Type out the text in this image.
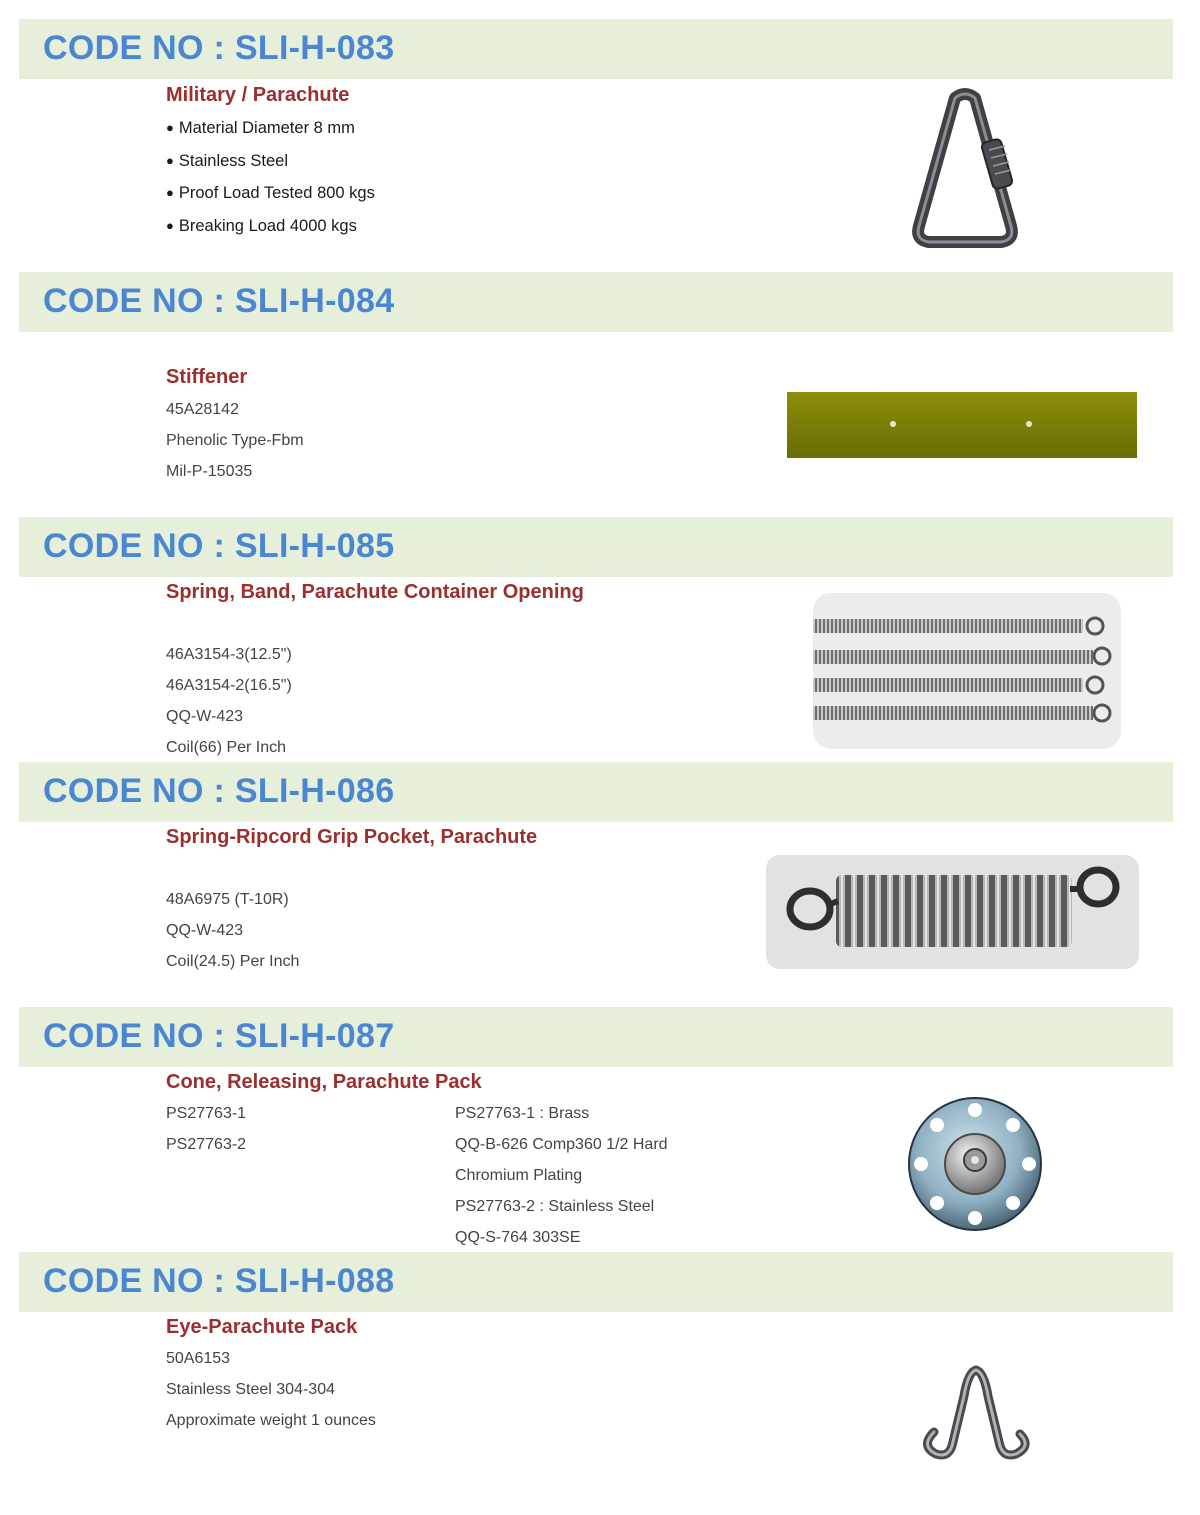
CODE NO : SLI-H-083
Military / Parachute
● Material Diameter 8 mm
● Stainless Steel
● Proof Load Tested 800 kgs
● Breaking Load 4000 kgs
CODE NO : SLI-H-084
Stiffener
45A28142
Phenolic Type-Fbm
Mil-P-15035
CODE NO : SLI-H-085
Spring, Band, Parachute Container Opening
46A3154-3(12.5")
46A3154-2(16.5")
QQ-W-423
Coil(66) Per Inch
CODE NO : SLI-H-086
Spring-Ripcord Grip Pocket, Parachute
48A6975 (T-10R)
QQ-W-423
Coil(24.5) Per Inch
CODE NO : SLI-H-087
Cone, Releasing, Parachute Pack
PS27763-1
PS27763-2
PS27763-1 : Brass
QQ-B-626 Comp360 1/2 Hard
Chromium Plating
PS27763-2 : Stainless Steel
QQ-S-764 303SE
CODE NO : SLI-H-088
Eye-Parachute Pack
50A6153
Stainless Steel 304-304
Approximate weight 1 ounces
